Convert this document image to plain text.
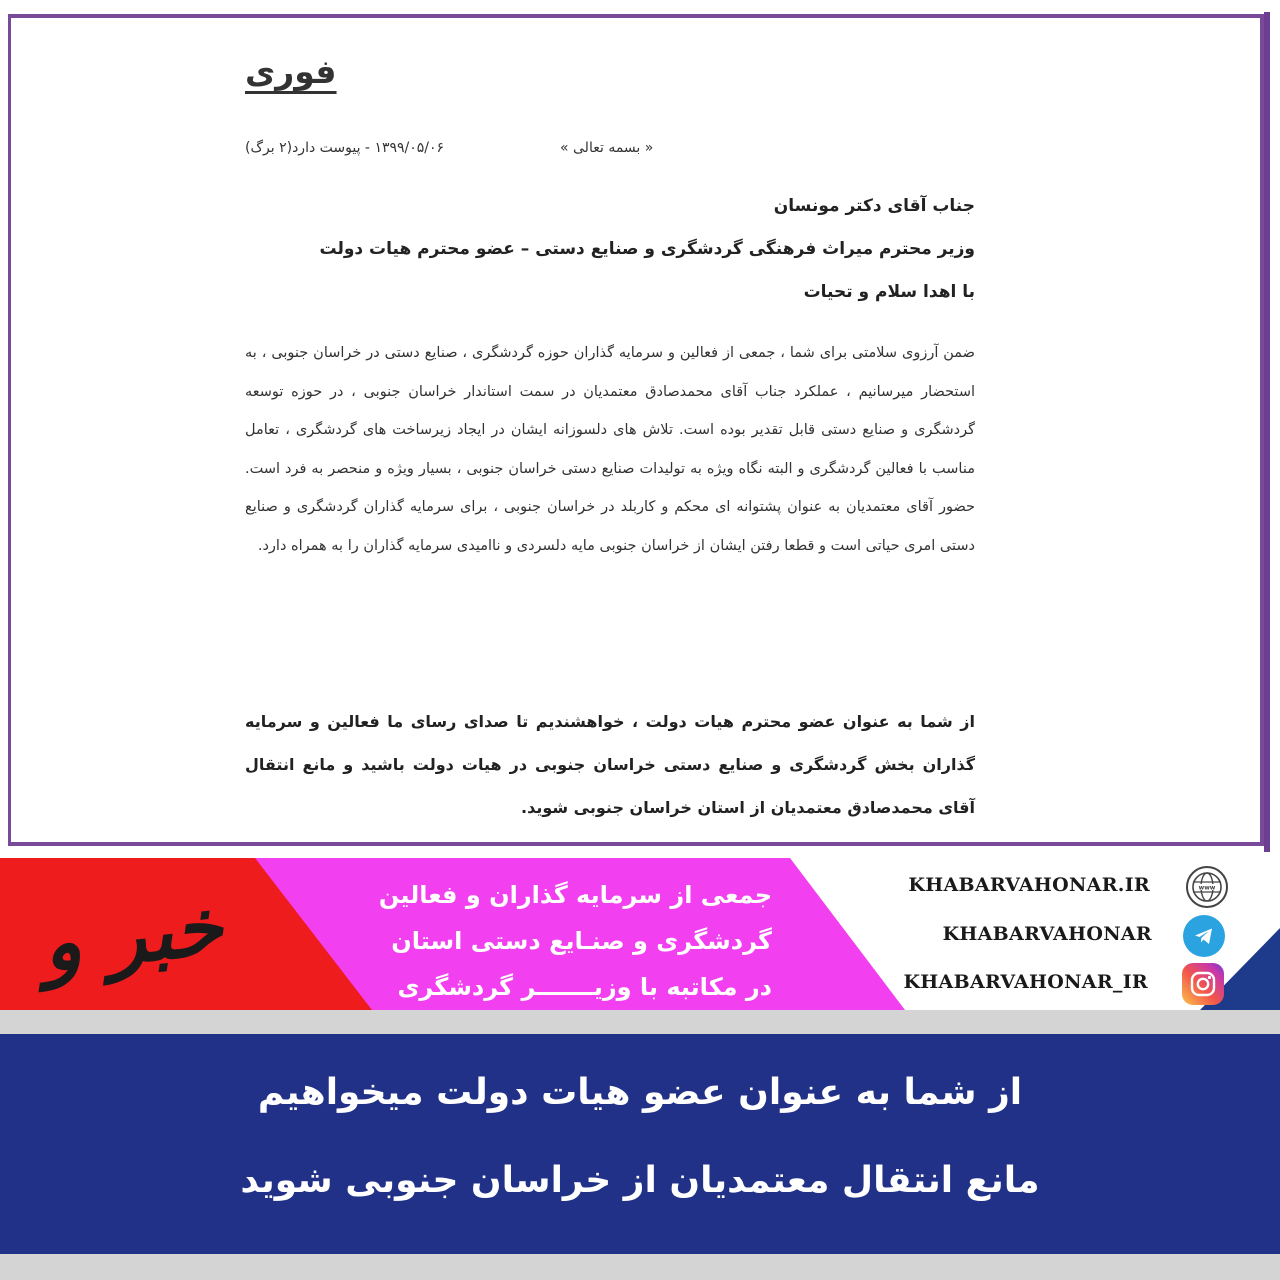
فوری
۱۳۹۹/۰۵/۰۶ - پیوست دارد(۲ برگ)	« بسمه تعالی »
جناب آقای دکتر مونسان
وزیر محترم میراث فرهنگی گردشگری و صنایع دستی – عضو محترم هیات دولت
با اهدا سلام و تحیات
ضمن آرزوی سلامتی برای شما ، جمعی از فعالین و سرمایه گذاران حوزه گردشگری ، صنایع دستی در خراسان جنوبی ، به استحضار میرسانیم ، عملکرد جناب آقای محمدصادق معتمدیان در سمت استاندار خراسان جنوبی ، در حوزه توسعه گردشگری و صنایع دستی قابل تقدیر بوده است. تلاش های دلسوزانه ایشان در ایجاد زیرساخت های گردشگری ، تعامل مناسب با فعالین گردشگری و البته نگاه ویژه به تولیدات صنایع دستی خراسان جنوبی ، بسیار ویژه و منحصر به فرد است. حضور آقای معتمدیان به عنوان پشتوانه ای محکم و کاربلد در خراسان جنوبی ، برای سرمایه گذاران گردشگری و صنایع دستی امری حیاتی است و قطعا رفتن ایشان از خراسان جنوبی مایه دلسردی و ناامیدی سرمایه گذاران را به همراه دارد.
از شما به عنوان عضو محترم هیات دولت ، خواهشندیم تا صدای رسای ما فعالین و سرمایه گذاران بخش گردشگری و صنایع دستی خراسان جنوبی در هیات دولت باشید و مانع انتقال آقای محمدصادق معتمدیان از استان خراسان جنوبی شوید.
خبر و
جمعی از سرمایه گذاران و فعالین
گردشگری و صنـایع دستی استان
در مکاتبه با وزیـــــــر گردشگری
KHABARVAHONAR.IR	www
KHABARVAHONAR
KHABARVAHONAR_IR
از شما به عنوان عضو هیات دولت میخواهیم
مانع انتقال معتمدیان از خراسان جنوبی شوید
